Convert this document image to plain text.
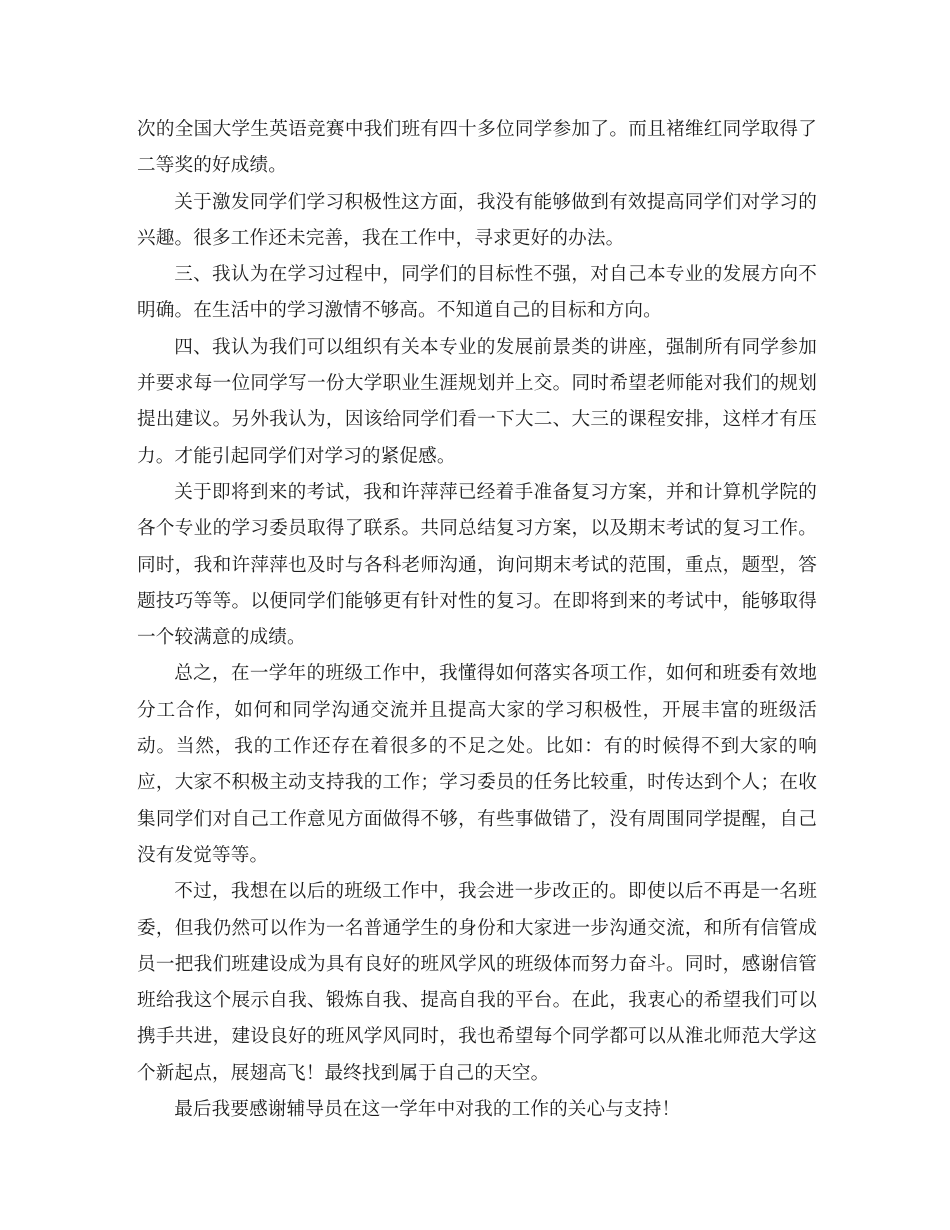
次的全国大学生英语竞赛中我们班有四十多位同学参加了。而且褚维红同学取得了二等奖的好成绩。

关于激发同学们学习积极性这方面，我没有能够做到有效提高同学们对学习的兴趣。很多工作还未完善，我在工作中，寻求更好的办法。

三、我认为在学习过程中，同学们的目标性不强，对自己本专业的发展方向不明确。在生活中的学习激情不够高。不知道自己的目标和方向。

四、我认为我们可以组织有关本专业的发展前景类的讲座，强制所有同学参加并要求每一位同学写一份大学职业生涯规划并上交。同时希望老师能对我们的规划提出建议。另外我认为，因该给同学们看一下大二、大三的课程安排，这样才有压力。才能引起同学们对学习的紧促感。

关于即将到来的考试，我和许萍萍已经着手准备复习方案，并和计算机学院的各个专业的学习委员取得了联系。共同总结复习方案，以及期末考试的复习工作。同时，我和许萍萍也及时与各科老师沟通，询问期末考试的范围，重点，题型，答题技巧等等。以便同学们能够更有针对性的复习。在即将到来的考试中，能够取得一个较满意的成绩。

总之，在一学年的班级工作中，我懂得如何落实各项工作，如何和班委有效地分工合作，如何和同学沟通交流并且提高大家的学习积极性，开展丰富的班级活动。当然，我的工作还存在着很多的不足之处。比如：有的时候得不到大家的响应，大家不积极主动支持我的工作；学习委员的任务比较重，时传达到个人；在收集同学们对自己工作意见方面做得不够，有些事做错了，没有周围同学提醒，自己没有发觉等等。

不过，我想在以后的班级工作中，我会进一步改正的。即使以后不再是一名班委，但我仍然可以作为一名普通学生的身份和大家进一步沟通交流，和所有信管成员一把我们班建设成为具有良好的班风学风的班级体而努力奋斗。同时，感谢信管班给我这个展示自我、锻炼自我、提高自我的平台。在此，我衷心的希望我们可以携手共进，建设良好的班风学风同时，我也希望每个同学都可以从淮北师范大学这个新起点，展翅高飞！最终找到属于自己的天空。

最后我要感谢辅导员在这一学年中对我的工作的关心与支持！
